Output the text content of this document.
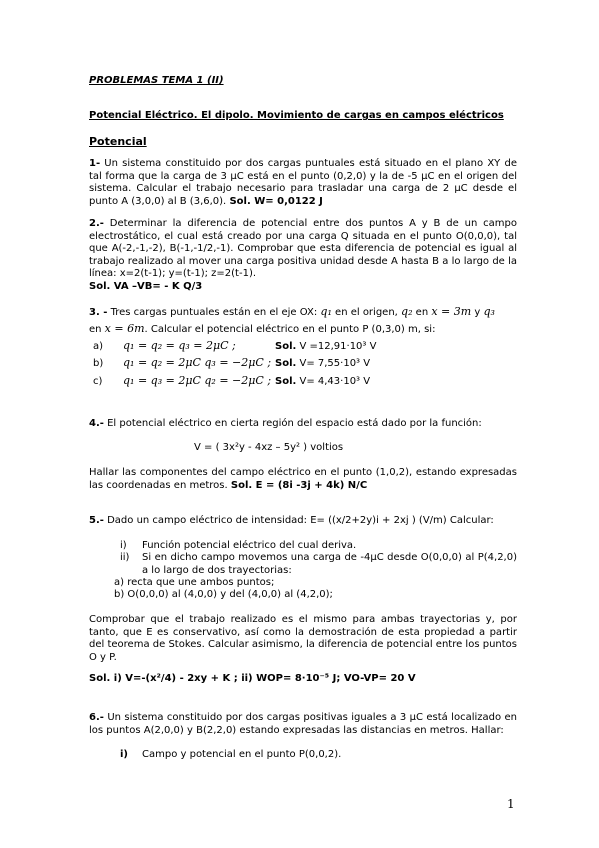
PROBLEMAS TEMA 1 (II)
Potencial Eléctrico. El dipolo. Movimiento de cargas en campos eléctricos
Potencial

1- Un sistema constituido por dos cargas puntuales está situado en el plano XY de tal forma que la carga de 3 μC está en el punto (0,2,0) y la de -5 μC en el origen del sistema. Calcular el trabajo necesario para trasladar una carga de 2 μC desde el punto A (3,0,0) al B (3,6,0). Sol. W= 0,0122 J

2.- Determinar la diferencia de potencial entre dos puntos A y B de un campo electrostático, el cual está creado por una carga Q situada en el punto O(0,0,0), tal que A(-2,-1,-2), B(-1,-1/2,-1). Comprobar que esta diferencia de potencial es igual al trabajo realizado al mover una carga positiva unidad desde A hasta B a lo largo de la línea: x=2(t-1); y=(t-1); z=2(t-1).

Sol. VA –VB= - K Q/3

3. - Tres cargas puntuales están en el eje OX: q₁ en el origen, q₂ en x = 3m y q₃
en x = 6m. Calcular el potencial eléctrico en el punto P (0,3,0) m, si:
a) q₁ = q₂ = q₃ = 2μC ;	Sol. V =12,91·10³ V
b) q₁ = q₂ = 2μC q₃ = −2μC ; Sol. V= 7,55·10³ V
c) q₁ = q₃ = 2μC q₂ = −2μC ; Sol. V= 4,43·10³ V
4.- El potencial eléctrico en cierta región del espacio está dado por la función:
V = ( 3x²y - 4xz – 5y² ) voltios

Hallar las componentes del campo eléctrico en el punto (1,0,2), estando expresadas las coordenadas en metros. Sol. E = (8i -3j + 4k) N/C

5.- Dado un campo eléctrico de intensidad: E= ((x/2+2y)i + 2xj ) (V/m) Calcular:
i) Función potencial eléctrico del cual deriva.

ii) Si en dicho campo movemos una carga de -4μC desde O(0,0,0) al P(4,2,0) a lo largo de dos trayectorias:

a) recta que une ambos puntos;
b) O(0,0,0) al (4,0,0) y del (4,0,0) al (4,2,0);

Comprobar que el trabajo realizado es el mismo para ambas trayectorias y, por tanto, que E es conservativo, así como la demostración de esta propiedad a partir del teorema de Stokes. Calcular asimismo, la diferencia de potencial entre los puntos O y P.

Sol. i) V=-(x²/4) - 2xy + K ; ii) WOP= 8·10⁻⁵ J; VO-VP= 20 V

6.- Un sistema constituido por dos cargas positivas iguales a 3 μC está localizado en los puntos A(2,0,0) y B(2,2,0) estando expresadas las distancias en metros. Hallar:

i) Campo y potencial en el punto P(0,0,2).
1
